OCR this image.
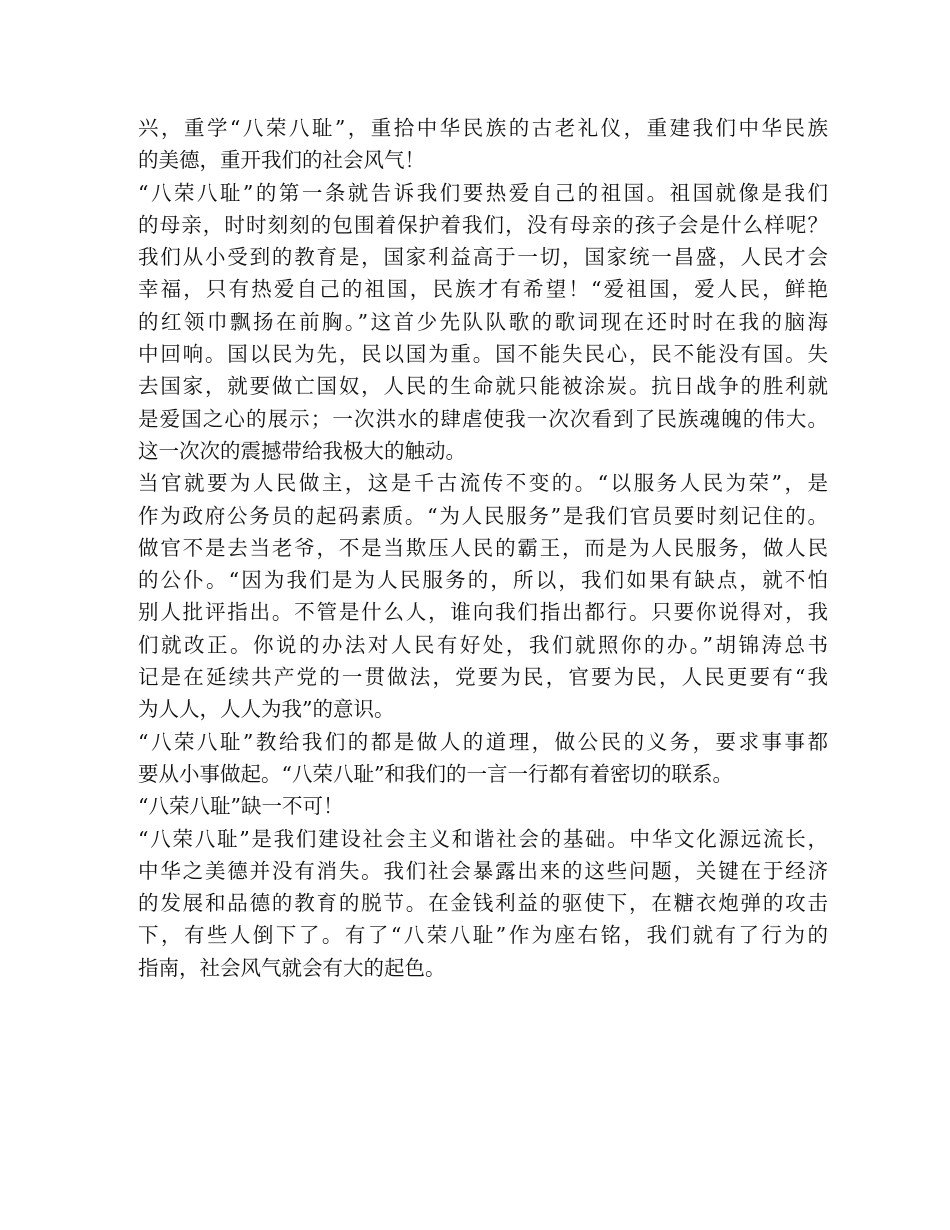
兴，重学“八荣八耻”，重拾中华民族的古老礼仪，重建我们中华民族
的美德，重开我们的社会风气！
“八荣八耻”的第一条就告诉我们要热爱自己的祖国。祖国就像是我们
的母亲，时时刻刻的包围着保护着我们，没有母亲的孩子会是什么样呢？
我们从小受到的教育是，国家利益高于一切，国家统一昌盛，人民才会
幸福，只有热爱自己的祖国，民族才有希望！“爱祖国，爱人民，鲜艳
的红领巾飘扬在前胸。”这首少先队队歌的歌词现在还时时在我的脑海
中回响。国以民为先，民以国为重。国不能失民心，民不能没有国。失
去国家，就要做亡国奴，人民的生命就只能被涂炭。抗日战争的胜利就
是爱国之心的展示；一次洪水的肆虐使我一次次看到了民族魂魄的伟大。
这一次次的震撼带给我极大的触动。
当官就要为人民做主，这是千古流传不变的。“以服务人民为荣”，是
作为政府公务员的起码素质。“为人民服务”是我们官员要时刻记住的。
做官不是去当老爷，不是当欺压人民的霸王，而是为人民服务，做人民
的公仆。“因为我们是为人民服务的，所以，我们如果有缺点，就不怕
别人批评指出。不管是什么人，谁向我们指出都行。只要你说得对，我
们就改正。你说的办法对人民有好处，我们就照你的办。”胡锦涛总书
记是在延续共产党的一贯做法，党要为民，官要为民，人民更要有“我
为人人，人人为我”的意识。
“八荣八耻”教给我们的都是做人的道理，做公民的义务，要求事事都
要从小事做起。“八荣八耻”和我们的一言一行都有着密切的联系。
“八荣八耻”缺一不可！
“八荣八耻”是我们建设社会主义和谐社会的基础。中华文化源远流长，
中华之美德并没有消失。我们社会暴露出来的这些问题，关键在于经济
的发展和品德的教育的脱节。在金钱利益的驱使下，在糖衣炮弹的攻击
下，有些人倒下了。有了“八荣八耻”作为座右铭，我们就有了行为的
指南，社会风气就会有大的起色。
